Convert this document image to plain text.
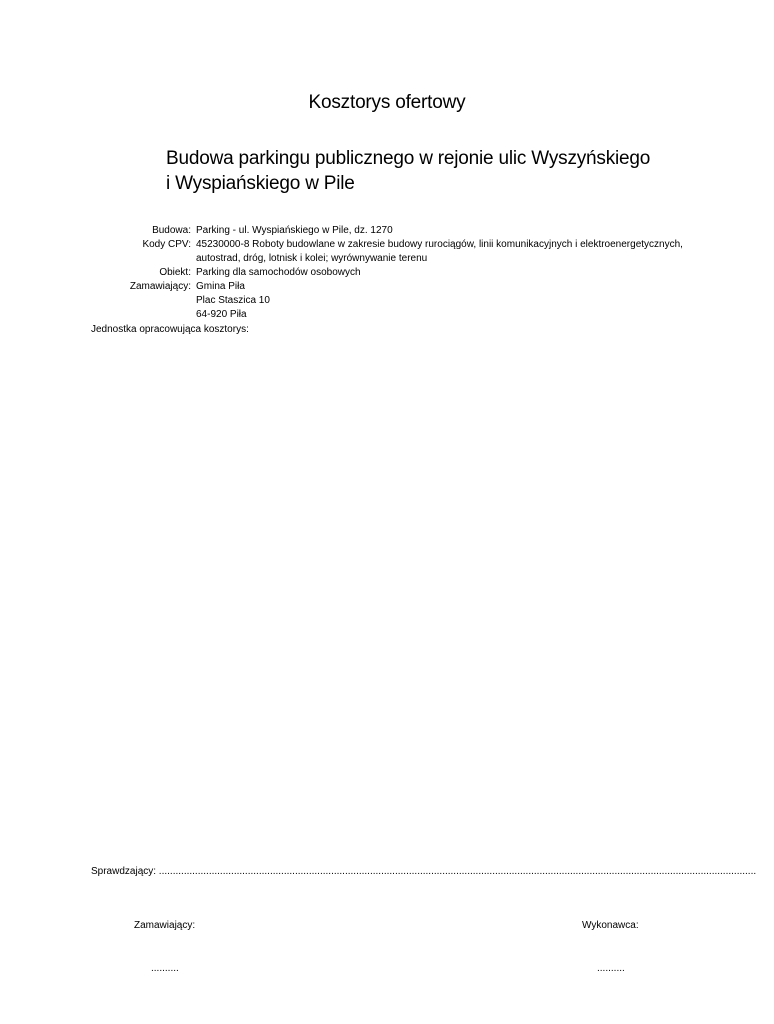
Kosztorys ofertowy
Budowa parkingu publicznego w rejonie ulic Wyszyńskiego
i Wyspiańskiego w Pile
Budowa: Parking - ul. Wyspiańskiego w Pile, dz. 1270
Kody CPV: 45230000-8 Roboty budowlane w zakresie budowy rurociągów, linii komunikacyjnych i elektroenergetycznych,
autostrad, dróg, lotnisk i kolei; wyrównywanie terenu
Obiekt: Parking dla samochodów osobowych
Zamawiający: Gmina Piła
Plac Staszica 10
64-920 Piła
Jednostka opracowująca kosztorys:
Sprawdzający: .......................................................................................................................................................................................................................
Zamawiający:
..........
Wykonawca:
..........
